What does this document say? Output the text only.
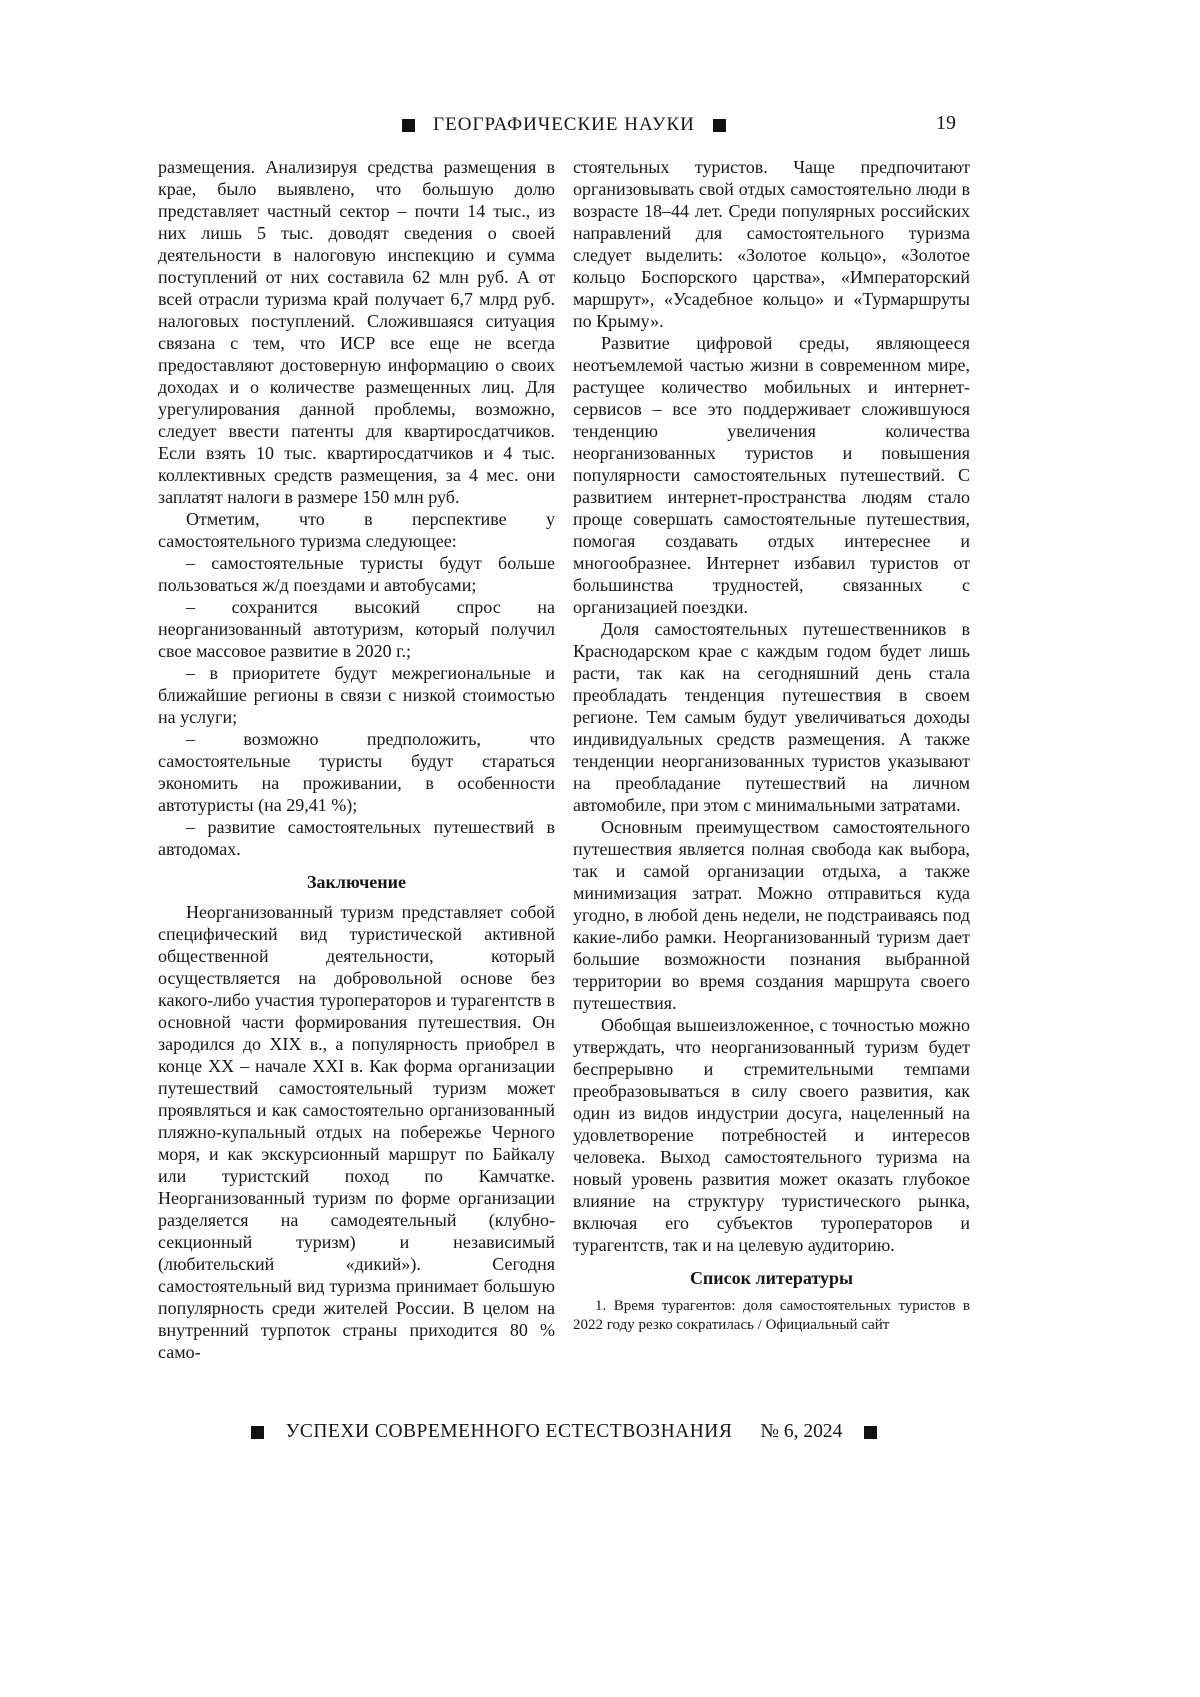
ГЕОГРАФИЧЕСКИЕ НАУКИ	19

размещения. Анализируя средства размещения в крае, было выявлено, что большую долю представляет частный сектор – почти 14 тыс., из них лишь 5 тыс. доводят сведения о своей деятельности в налоговую инспекцию и сумма поступлений от них составила 62 млн руб. А от всей отрасли туризма край получает 6,7 млрд руб. налоговых поступлений. Сложившаяся ситуация связана с тем, что ИСР все еще не всегда предоставляют достоверную информацию о своих доходах и о количестве размещенных лиц. Для урегулирования данной проблемы, возможно, следует ввести патенты для квартиросдатчиков. Если взять 10 тыс. квартиросдатчиков и 4 тыс. коллективных средств размещения, за 4 мес. они заплатят налоги в размере 150 млн руб.

Отметим, что в перспективе у самостоятельного туризма следующее:

– самостоятельные туристы будут больше пользоваться ж/д поездами и автобусами;

– сохранится высокий спрос на неорганизованный автотуризм, который получил свое массовое развитие в 2020 г.;

– в приоритете будут межрегиональные и ближайшие регионы в связи с низкой стоимостью на услуги;

– возможно предположить, что самостоятельные туристы будут стараться экономить на проживании, в особенности автотуристы (на 29,41 %);

– развитие самостоятельных путешествий в автодомах.

Заключение

Неорганизованный туризм представляет собой специфический вид туристической активной общественной деятельности, который осуществляется на добровольной основе без какого-либо участия туроператоров и турагентств в основной части формирования путешествия. Он зародился до XIX в., а популярность приобрел в конце XX – начале XXI в. Как форма организации путешествий самостоятельный туризм может проявляться и как самостоятельно организованный пляжно-купальный отдых на побережье Черного моря, и как экскурсионный маршрут по Байкалу или туристский поход по Камчатке. Неорганизованный туризм по форме организации разделяется на самодеятельный (клубно-секционный туризм) и независимый (любительский «дикий»). Сегодня самостоятельный вид туризма принимает большую популярность среди жителей России. В целом на внутренний турпоток страны приходится 80 % само-

стоятельных туристов. Чаще предпочитают организовывать свой отдых самостоятельно люди в возрасте 18–44 лет. Среди популярных российских направлений для самостоятельного туризма следует выделить: «Золотое кольцо», «Золотое кольцо Боспорского царства», «Императорский маршрут», «Усадебное кольцо» и «Турмаршруты по Крыму».

Развитие цифровой среды, являющееся неотъемлемой частью жизни в современном мире, растущее количество мобильных и интернет-сервисов – все это поддерживает сложившуюся тенденцию увеличения количества неорганизованных туристов и повышения популярности самостоятельных путешествий. С развитием интернет-пространства людям стало проще совершать самостоятельные путешествия, помогая создавать отдых интереснее и многообразнее. Интернет избавил туристов от большинства трудностей, связанных с организацией поездки.

Доля самостоятельных путешественников в Краснодарском крае с каждым годом будет лишь расти, так как на сегодняшний день стала преобладать тенденция путешествия в своем регионе. Тем самым будут увеличиваться доходы индивидуальных средств размещения. А также тенденции неорганизованных туристов указывают на преобладание путешествий на личном автомобиле, при этом с минимальными затратами.

Основным преимуществом самостоятельного путешествия является полная свобода как выбора, так и самой организации отдыха, а также минимизация затрат. Можно отправиться куда угодно, в любой день недели, не подстраиваясь под какие-либо рамки. Неорганизованный туризм дает большие возможности познания выбранной территории во время создания маршрута своего путешествия.

Обобщая вышеизложенное, с точностью можно утверждать, что неорганизованный туризм будет беспрерывно и стремительными темпами преобразовываться в силу своего развития, как один из видов индустрии досуга, нацеленный на удовлетворение потребностей и интересов человека. Выход самостоятельного туризма на новый уровень развития может оказать глубокое влияние на структуру туристического рынка, включая его субъектов туроператоров и турагентств, так и на целевую аудиторию.

Список литературы

1. Время турагентов: доля самостоятельных туристов в 2022 году резко сократилась / Официальный сайт

УСПЕХИ СОВРЕМЕННОГО ЕСТЕСТВОЗНАНИЯ № 6, 2024
